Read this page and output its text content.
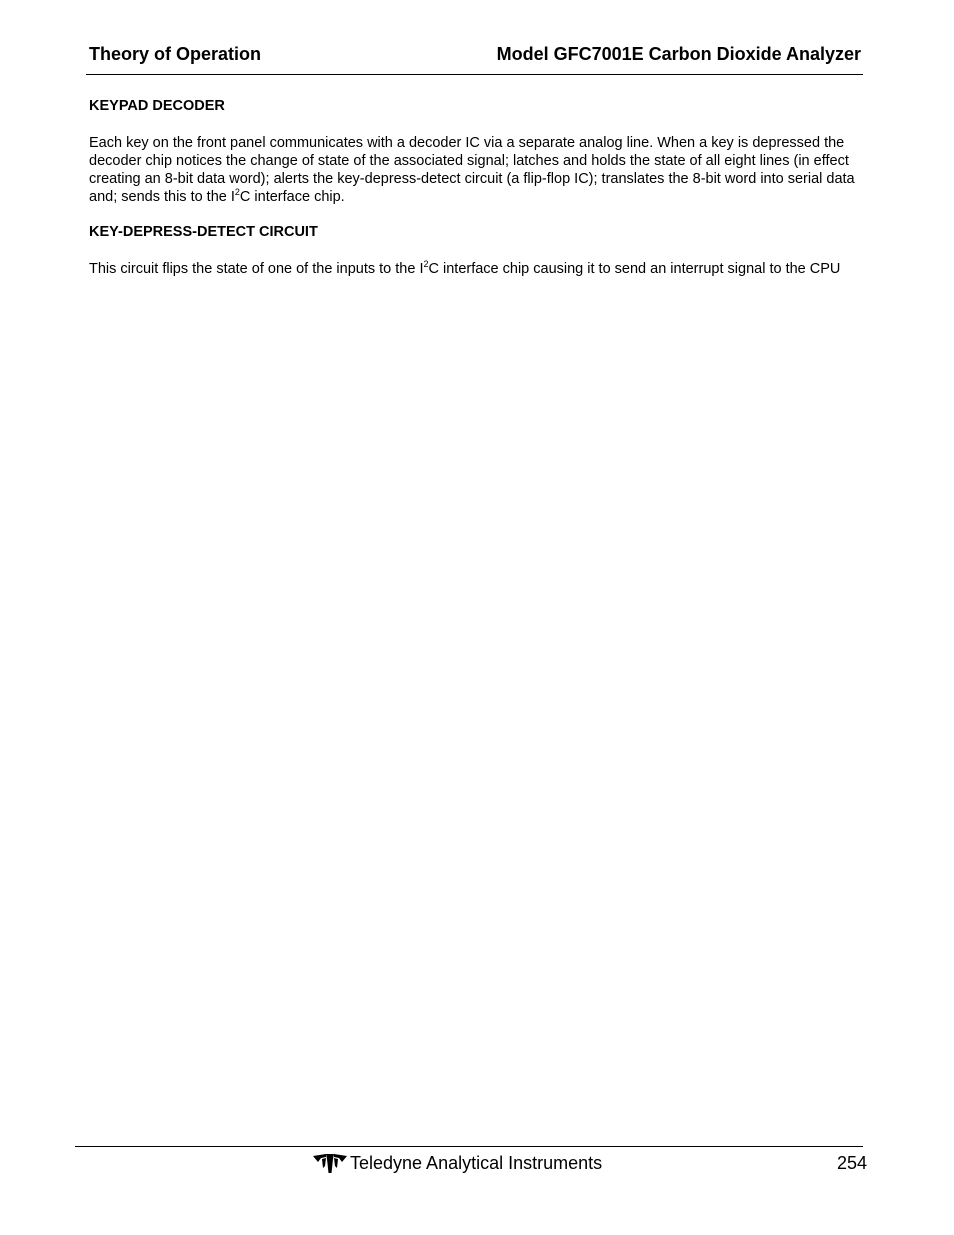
Theory of Operation	Model GFC7001E Carbon Dioxide Analyzer
KEYPAD DECODER

Each key on the front panel communicates with a decoder IC via a separate analog line. When a key is depressed the decoder chip notices the change of state of the associated signal; latches and holds the state of all eight lines (in effect creating an 8-bit data word); alerts the key-depress-detect circuit (a flip-flop IC); translates the 8-bit word into serial data and; sends this to the $I^2C$ interface chip.

KEY-DEPRESS-DETECT CIRCUIT

This circuit flips the state of one of the inputs to the $I^2C$ interface chip causing it to send an interrupt signal to the CPU

Teledyne Analytical Instruments	254
